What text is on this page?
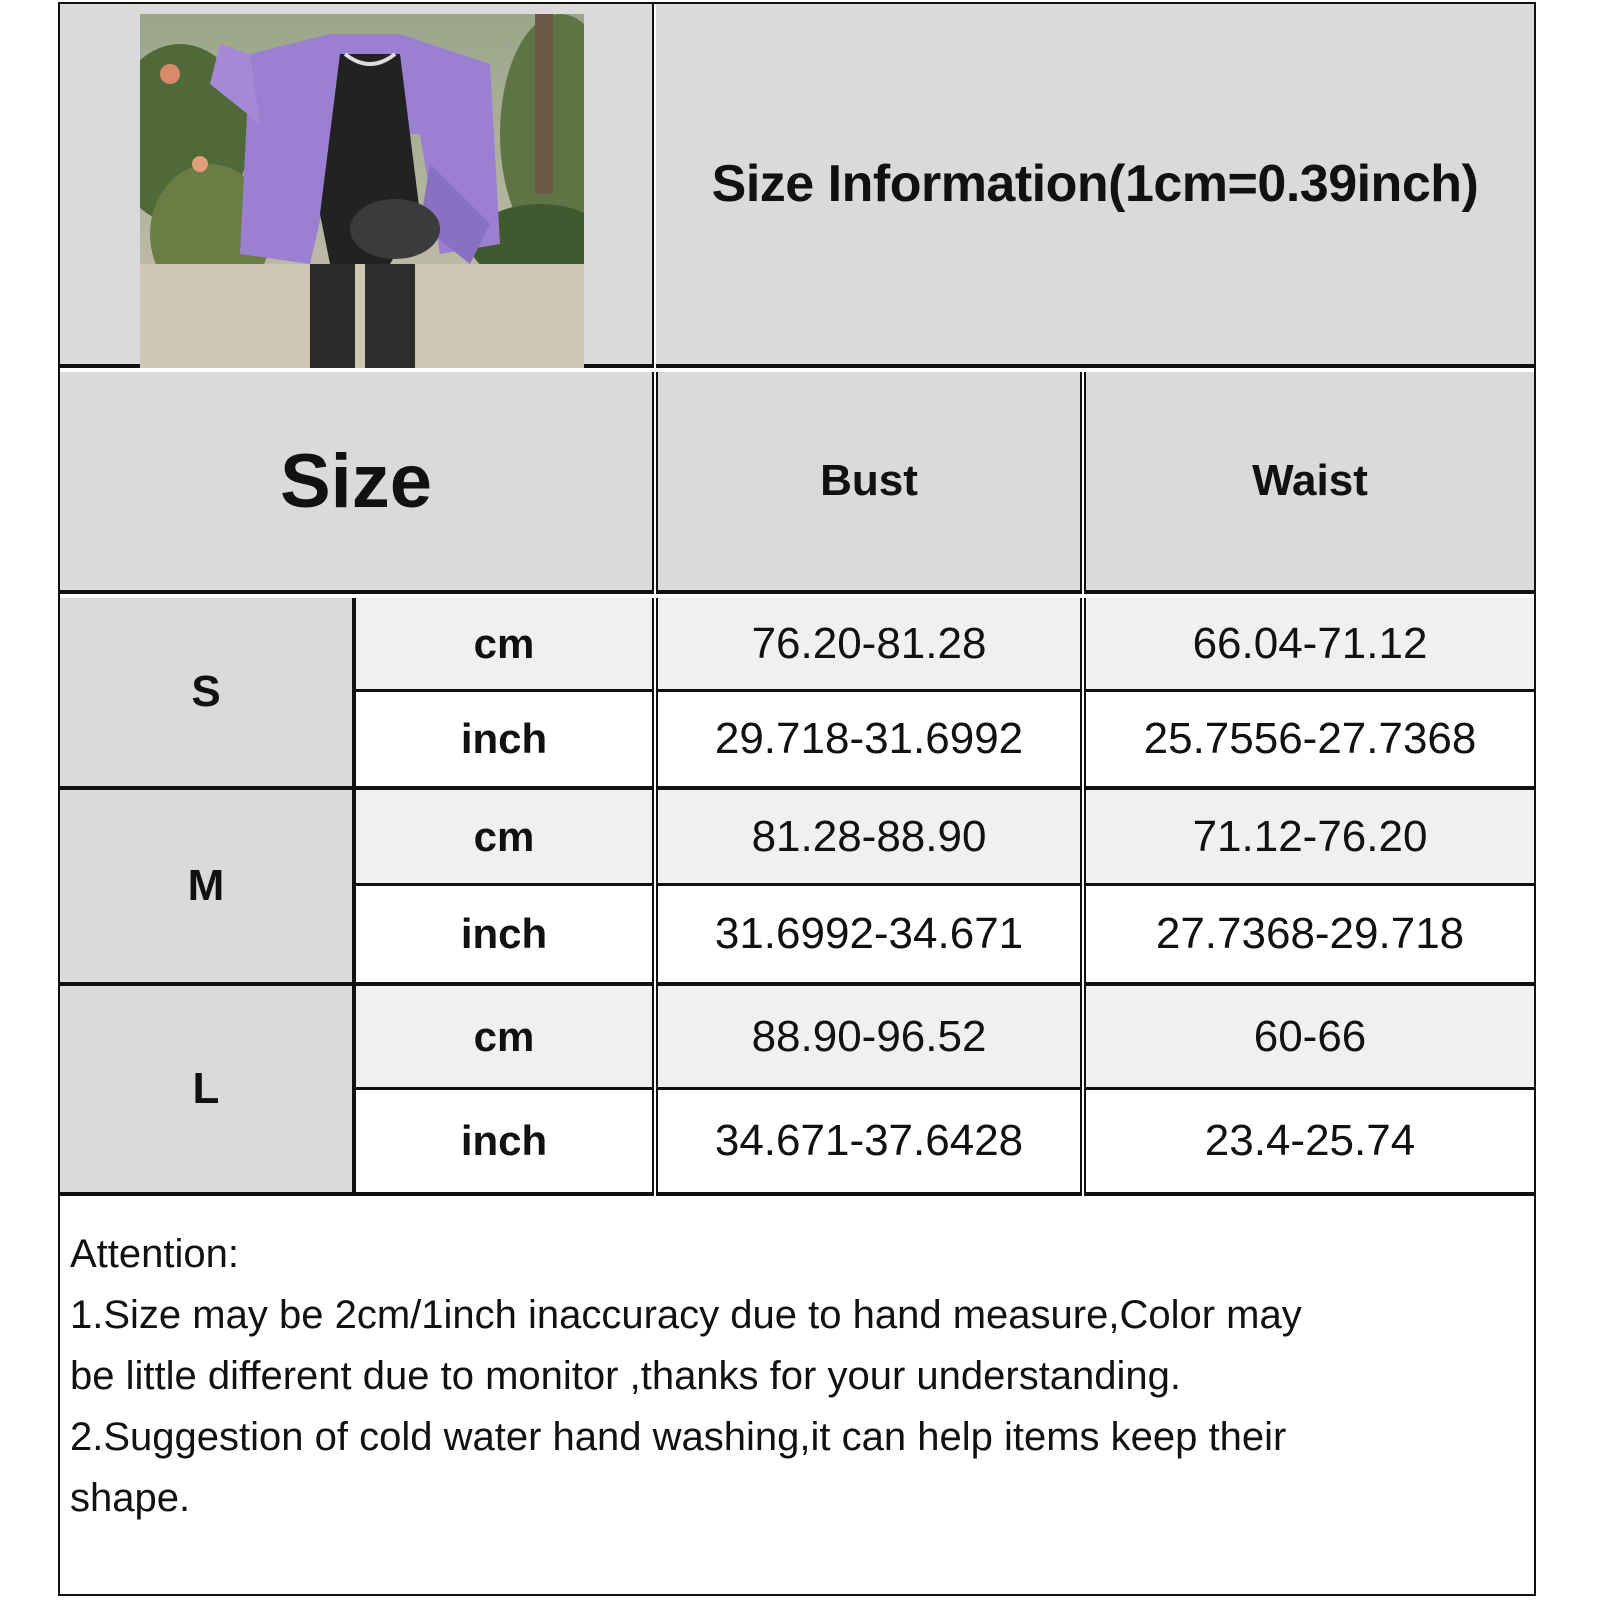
Size Information(1cm=0.39inch)
Size	Bust	Waist
S
cm	76.20-81.28	66.04-71.12
inch	29.718-31.6992	25.7556-27.7368
M
cm	81.28-88.90	71.12-76.20
inch	31.6992-34.671	27.7368-29.718
L
cm	88.90-96.52	60-66
inch	34.671-37.6428	23.4-25.74
Attention:
1.Size may be 2cm/1inch inaccuracy due to hand measure,Color may
be little different due to monitor ,thanks for your understanding.
2.Suggestion of cold water hand washing,it can help items keep their
shape.
